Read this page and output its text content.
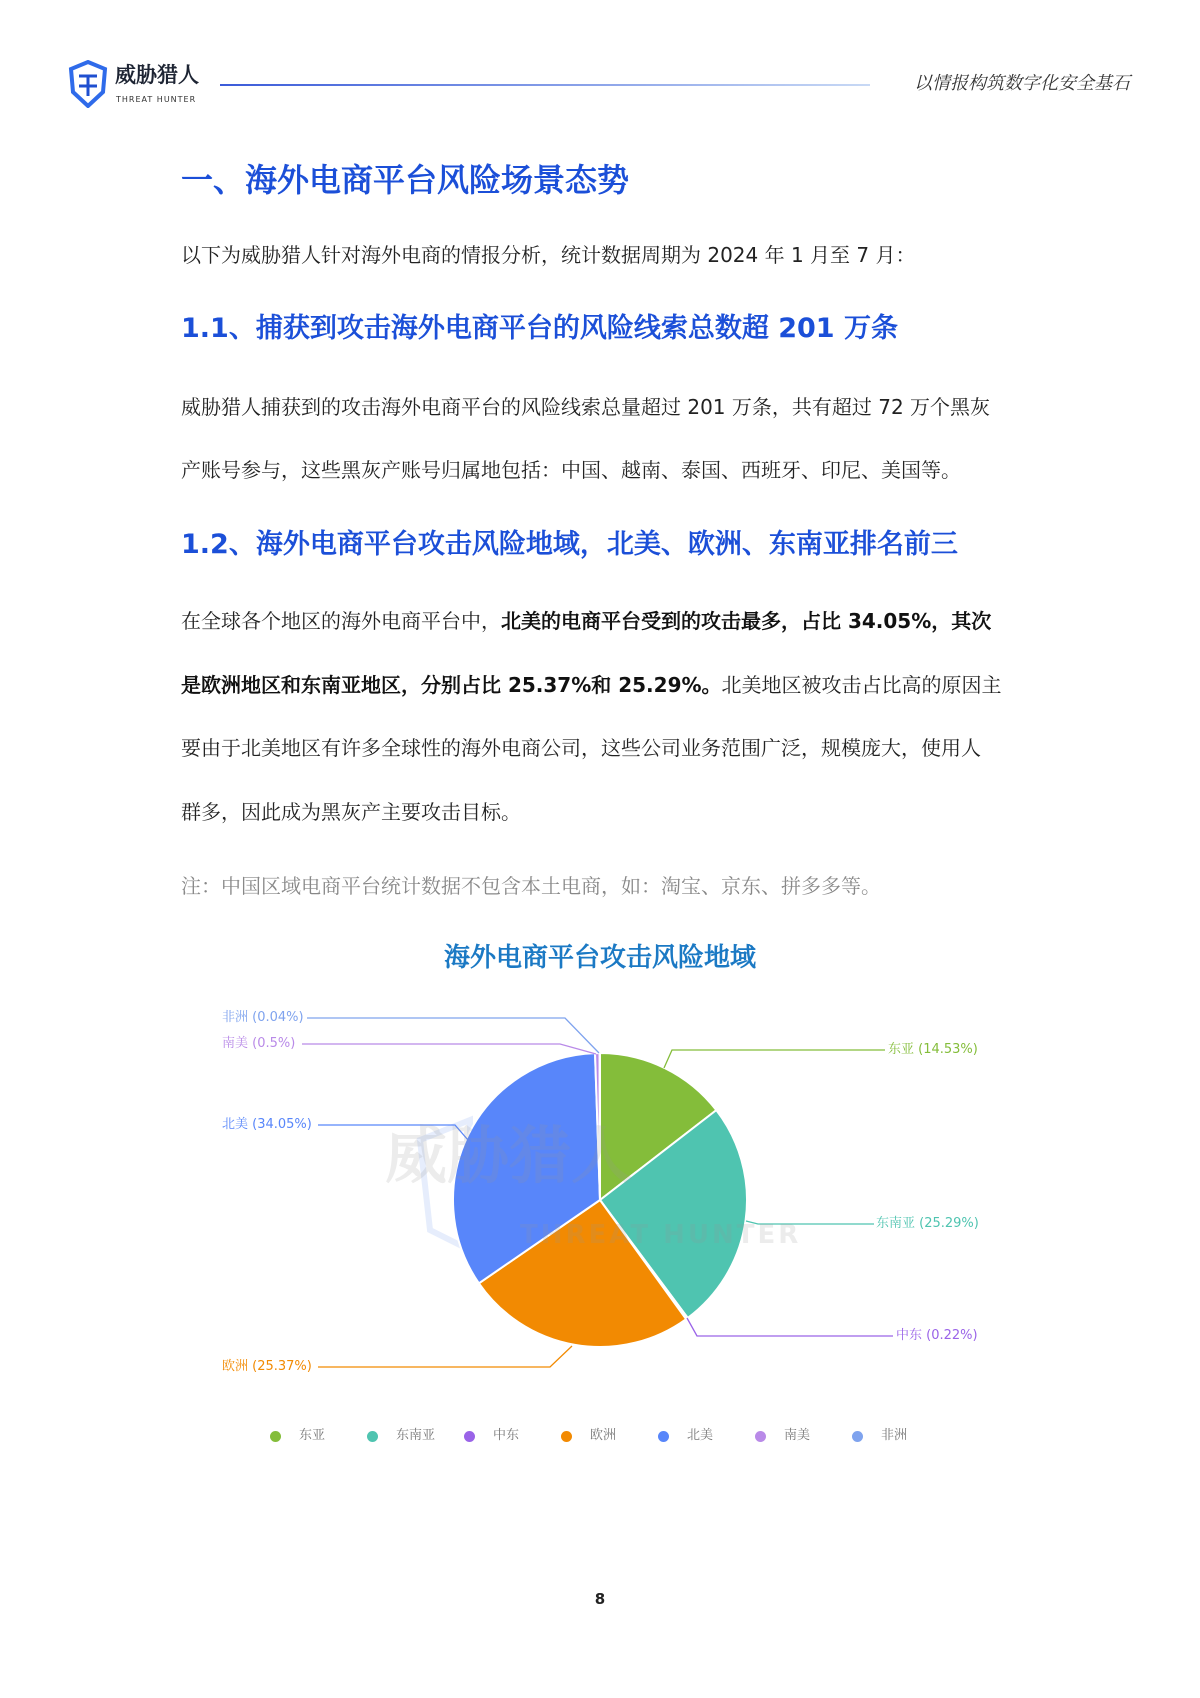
威胁猎人
THREAT HUNTER
以情报构筑数字化安全基石
一、海外电商平台风险场景态势
以下为威胁猎人针对海外电商的情报分析，统计数据周期为 2024 年 1 月至 7 月：
1.1、捕获到攻击海外电商平台的风险线索总数超 201 万条
威胁猎人捕获到的攻击海外电商平台的风险线索总量超过 201 万条，共有超过 72 万个黑灰
产账号参与，这些黑灰产账号归属地包括：中国、越南、泰国、西班牙、印尼、美国等。
1.2、海外电商平台攻击风险地域，北美、欧洲、东南亚排名前三
在全球各个地区的海外电商平台中，北美的电商平台受到的攻击最多，占比 34.05%，其次
是欧洲地区和东南亚地区，分别占比 25.37%和 25.29%。北美地区被攻击占比高的原因主
要由于北美地区有许多全球性的海外电商公司，这些公司业务范围广泛，规模庞大，使用人
群多，因此成为黑灰产主要攻击目标。
注：中国区域电商平台统计数据不包含本土电商，如：淘宝、京东、拼多多等。
海外电商平台攻击风险地域
威胁猎人
THREAT HUNTER
东亚 (14.53%)
东南亚 (25.29%)
中东 (0.22%)
欧洲 (25.37%)
北美 (34.05%)
南美 (0.5%)
非洲 (0.04%)
东亚	东南亚	中东	欧洲	北美	南美	非洲
8
